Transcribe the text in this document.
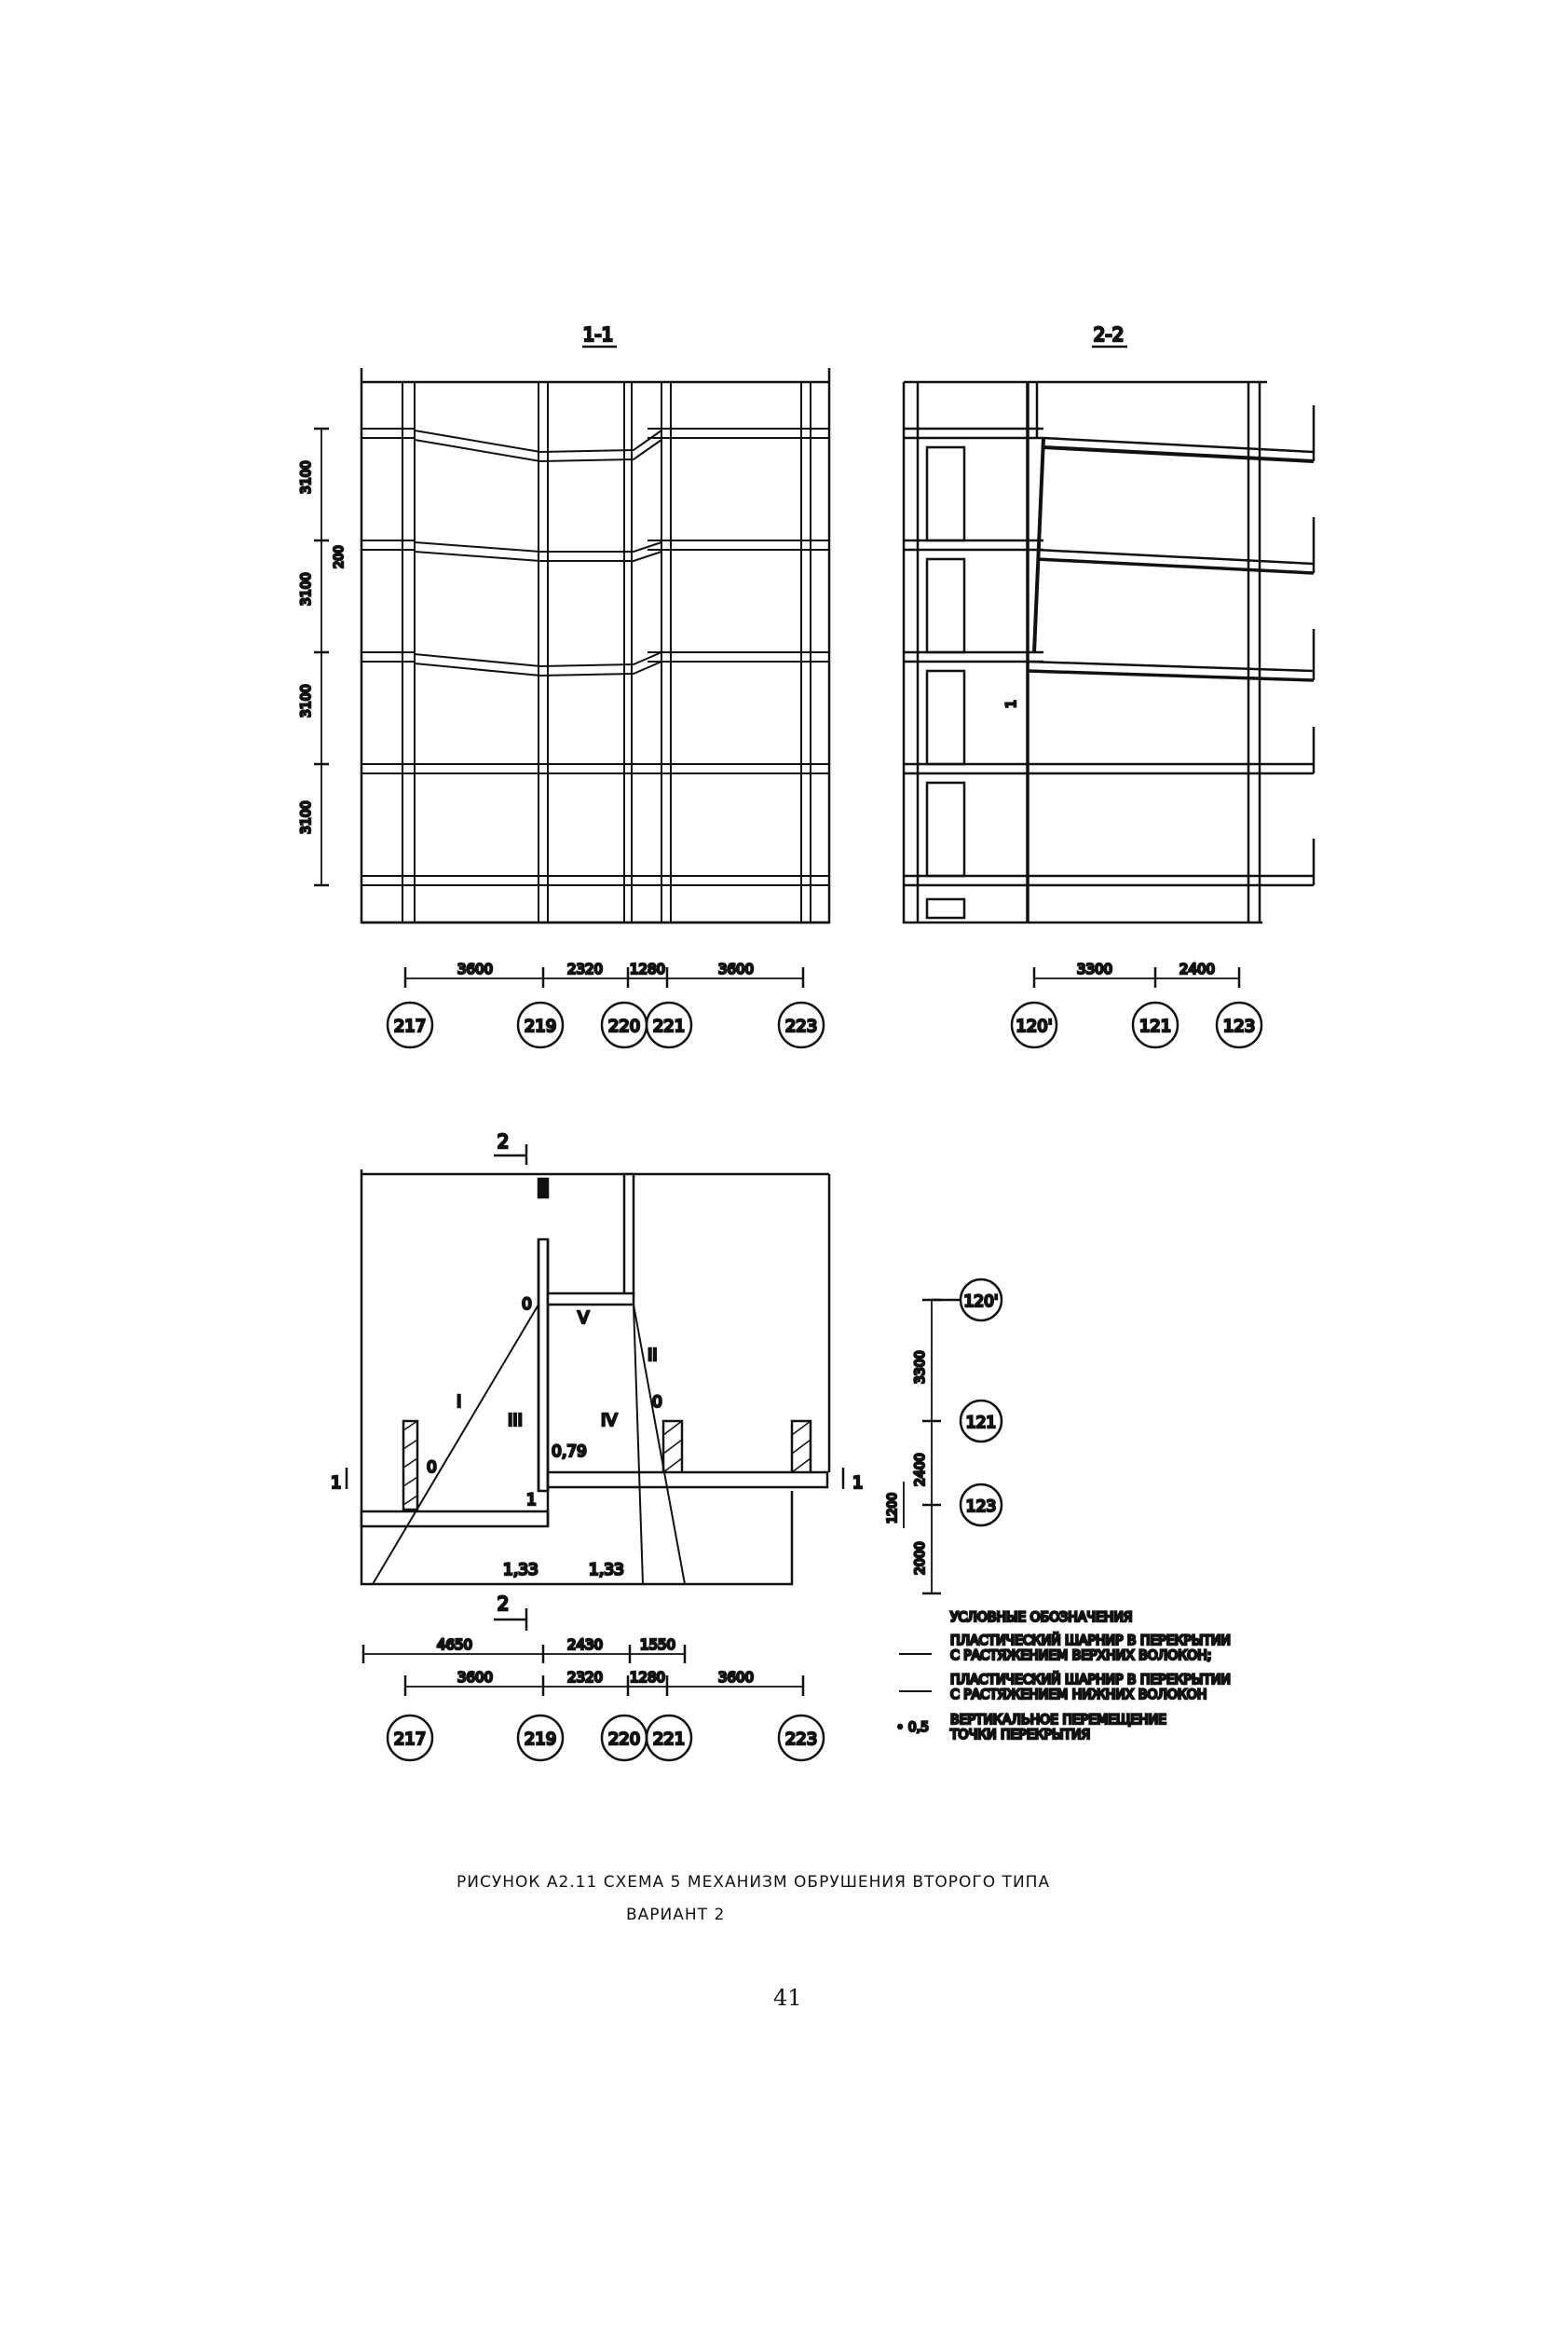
1-1
3100
3100
3100
3100
200
3600	2320 1280	3600
217	219	220 221	223
2-2
1
3300	2400
120'	121	123
2
2
I
II
III	IV
V
0
0
0
0,79
1
1,33	1,33
1	1
4650	2430	1550
3600	2320 1280	3600
217	219	220 221	223
3300
2400
1200
2000
120'
121
123
УСЛОВНЫЕ ОБОЗНАЧЕНИЯ
ПЛАСТИЧЕСКИЙ ШАРНИР В ПЕРЕКРЫТИИ
С РАСТЯЖЕНИЕМ ВЕРХНИХ ВОЛОКОН;
ПЛАСТИЧЕСКИЙ ШАРНИР В ПЕРЕКРЫТИИ
С РАСТЯЖЕНИЕМ НИЖНИХ ВОЛОКОН
• 0,5 ВЕРТИКАЛЬНОЕ ПЕРЕМЕЩЕНИЕ
ТОЧКИ ПЕРЕКРЫТИЯ
РИСУНОК А2.11 СХЕМА 5 МЕХАНИЗМ ОБРУШЕНИЯ ВТОРОГО ТИПА
ВАРИАНТ 2
41
